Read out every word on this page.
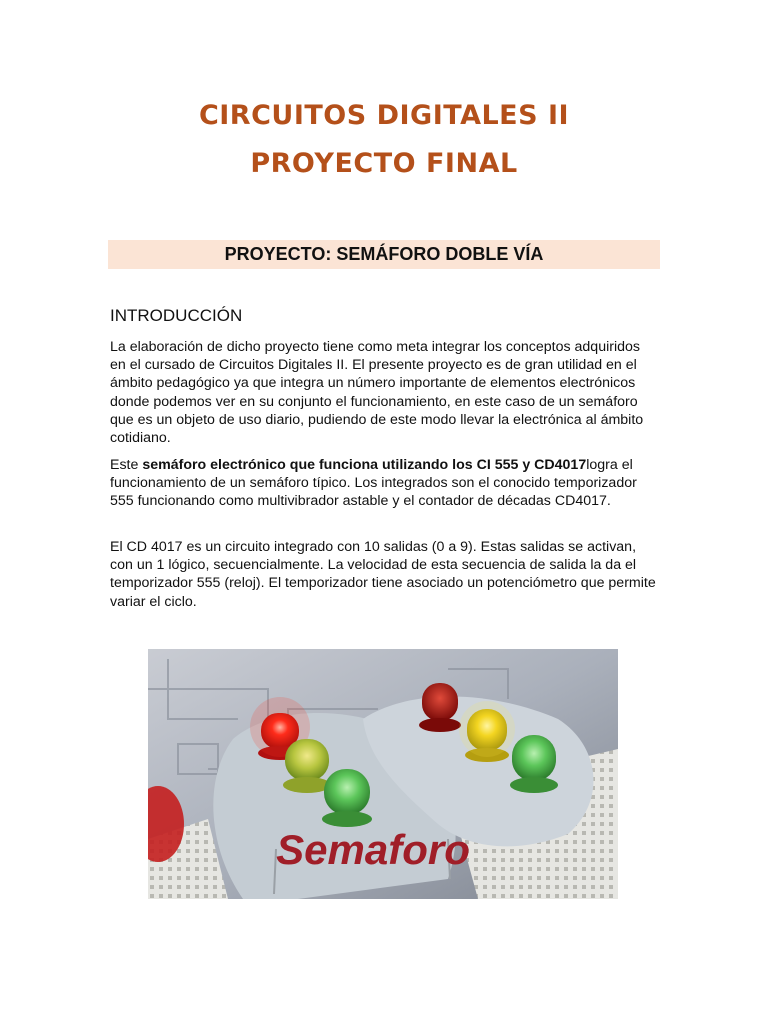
CIRCUITOS DIGITALES II
PROYECTO FINAL
PROYECTO: SEMÁFORO DOBLE VÍA
INTRODUCCIÓN
La elaboración de dicho proyecto tiene como meta integrar los conceptos adquiridos en el cursado de Circuitos Digitales II. El presente proyecto es de gran utilidad en el ámbito pedagógico ya que integra un número importante de elementos electrónicos donde podemos ver en su conjunto el funcionamiento, en este caso de un semáforo que es un objeto de uso diario, pudiendo de este modo llevar la electrónica al ámbito cotidiano.
Este semáforo electrónico que funciona utilizando los CI 555 y CD4017logra el funcionamiento de un semáforo típico. Los integrados son el conocido temporizador 555 funcionando como multivibrador astable y el contador de décadas CD4017.
El CD 4017 es un circuito integrado con 10 salidas (0 a 9). Estas salidas se activan, con un 1 lógico, secuencialmente. La velocidad de esta secuencia de salida la da el temporizador 555 (reloj). El temporizador tiene asociado un potenciómetro que permite variar el ciclo.
Semaforo
